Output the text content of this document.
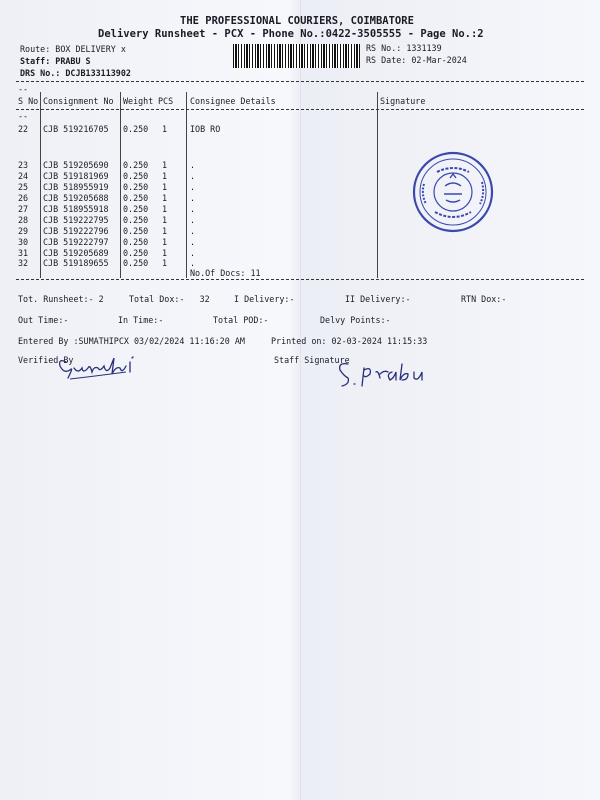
THE PROFESSIONAL COURIERS, COIMBATORE
Delivery Runsheet - PCX - Phone No.:0422-3505555 - Page No.:2
Route: BOX DELIVERY x
Staff: PRABU S
DRS No.: DCJB133113902
RS No.: 1331139
RS Date: 02-Mar-2024
--
S No Consignment No Weight PCS Consignee Details	Signature
--
22 CJB 519216705 0.250 1	IOB RO
23 CJB 519205690 0.250 1	.
24 CJB 519181969 0.250 1	.
25 CJB 518955919 0.250 1	.
26 CJB 519205688 0.250 1	.
27 CJB 518955918 0.250 1	.
28 CJB 519222795 0.250 1	.
29 CJB 519222796 0.250 1	.
30 CJB 519222797 0.250 1	.
31 CJB 519205689 0.250 1	.
32 CJB 519189655 0.250 1	.
No.Of Docs: 11
Tot. Runsheet:- 2	Total Dox:-   32	I Delivery:-	II Delivery:-	RTN Dox:-
Out Time:-	In Time:-	Total POD:-	Delvy Points:-
Entered By :SUMATHIPCX 03/02/2024 11:16:20 AM	Printed on: 02-03-2024 11:15:33
Verified By	Staff Signature
